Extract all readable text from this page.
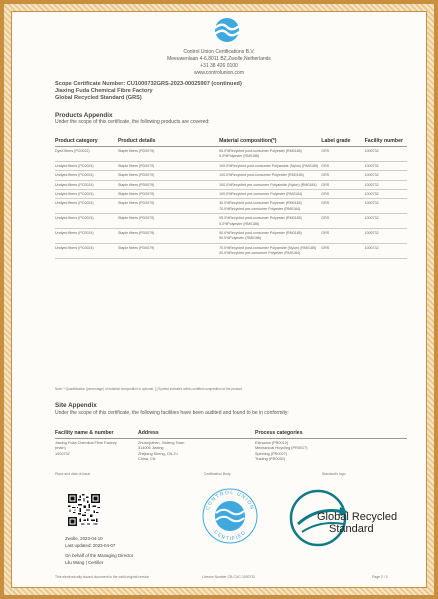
Control Union Certifications B.V.
Meeuwenlaan 4-6,8011 BZ,Zwolle,Netherlands
+31 38 426 0100
www.controlunion.com
Scope Certificate Number: CU1000732GRS-2023-00025907 (continued)
Jiaxing Fuda Chemical Fibre Factory
Global Recycled Standard (GRS)
Products Appendix
Under the scope of this certificate, the following products are covered:
Product category	Product details	Material composition(*)	Label grade	Facility number
Dyed fibers (PC0022)	Staple fibers (PD0079)	95.0%Recycled post-consumer Polyester (RM0185)
5.0%Polyester (RM0186)	GRS	1000732
Undyed fibers (PC0024)	Staple fibers (PD0079)	100.0%Recycled post-consumer Polyamide (Nylon) (RM0185)	GRS	1000732
Undyed fibers (PC0024)	Staple fibers (PD0079)	100.0%Recycled post-consumer Polyester (RM0185)	GRS	1000732
Undyed fibers (PC0024)	Staple fibers (PD0079)	100.0%Recycled pre-consumer Polyamide (Nylon) (RM0184)	GRS	1000732
Undyed fibers (PC0024)	Staple fibers (PD0079)	100.0%Recycled pre-consumer Polyester (RM0184)	GRS	1000732
Undyed fibers (PC0024)	Staple fibers (PD0079)	30.0%Recycled post-consumer Polyester (RM0185)
70.0%Recycled pre-consumer Polyester (RM0184)	GRS	1000732
Undyed fibers (PC0024)	Staple fibers (PD0079)	95.0%Recycled post-consumer Polyester (RM0185)
5.0%Polyester (RM0186)	GRS	1000732
Undyed fibers (PC0024)	Staple fibers (PD0079)	50.0%Recycled post-consumer Polyester (RM0185)
50.0%Polyester (RM0186)	GRS	1000732
Undyed fibers (PC0024)	Staple fibers (PD0079)	70.0%Recycled post-consumer Polyamide (Nylon) (RM0185)
30.0%Recycled pre-consumer Polyester (RM0184)	GRS	1000732
Note: * Quantification (percentage) of material composition is optional; [ ] Symbol indicates within-certified composition of the product.
Site Appendix
Under the scope of this certificate, the following facilities have been audited and found to be in conformity:
Facility name & number	Address	Process categories

Jiaxing Fuda Chemical Fibre Factory
(main)
1000732	Zhuxinjiahen, Xinfeng Town
314005 Jiaxing
Zhejiang Sheng, CN-ZJ
China, CN	Extrusion (PR0010)
Mechanical recycling (PR0017)
Spinning (PR0027)
Trading (PR0030)
Place and date of issue	Certification Body	Standard's logo
Zwolle, 2023-04-10
Last updated: 2023-04-07
On behalf of the Managing Director
Lilu Wang | Certifier
CONTROL UNION
CERTIFIED
Global Recycled
Standard
This electronically issued document is the valid original version	License Number CB-CUC-1000732	Page 2 / 3
